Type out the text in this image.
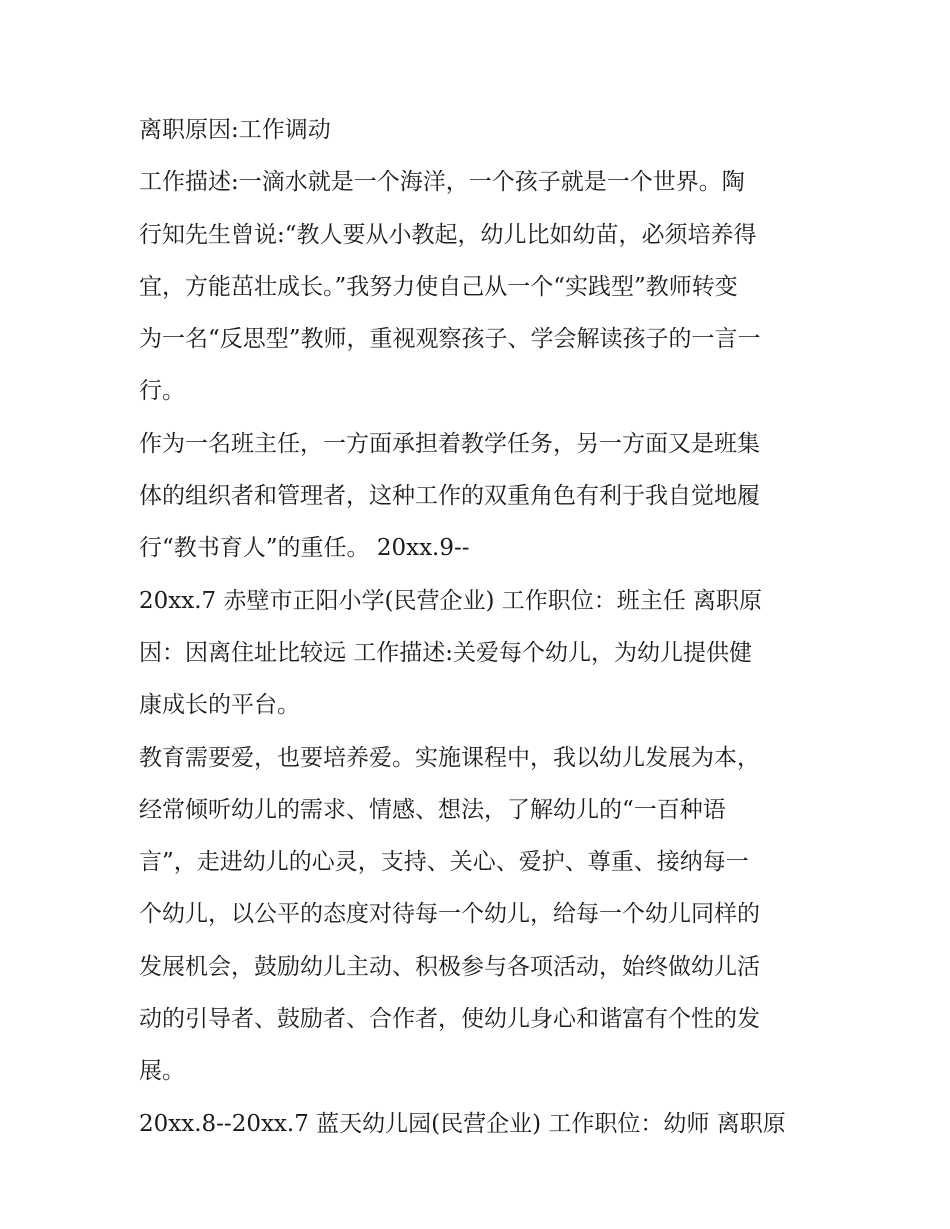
离职原因:工作调动
工作描述:一滴水就是一个海洋，一个孩子就是一个世界。陶
行知先生曾说:“教人要从小教起，幼儿比如幼苗，必须培养得
宜，方能茁壮成长。”我努力使自己从一个“实践型”教师转变
为一名“反思型”教师，重视观察孩子、学会解读孩子的一言一
行。
作为一名班主任，一方面承担着教学任务，另一方面又是班集
体的组织者和管理者，这种工作的双重角色有利于我自觉地履
行“教书育人”的重任。 20xx.9--
20xx.7 赤壁市正阳小学(民营企业) 工作职位：班主任 离职原
因：因离住址比较远 工作描述:关爱每个幼儿，为幼儿提供健
康成长的平台。
教育需要爱，也要培养爱。实施课程中，我以幼儿发展为本，
经常倾听幼儿的需求、情感、想法，了解幼儿的“一百种语
言”，走进幼儿的心灵，支持、关心、爱护、尊重、接纳每一
个幼儿，以公平的态度对待每一个幼儿，给每一个幼儿同样的
发展机会，鼓励幼儿主动、积极参与各项活动，始终做幼儿活
动的引导者、鼓励者、合作者，使幼儿身心和谐富有个性的发
展。
20xx.8--20xx.7 蓝天幼儿园(民营企业) 工作职位：幼师 离职原
